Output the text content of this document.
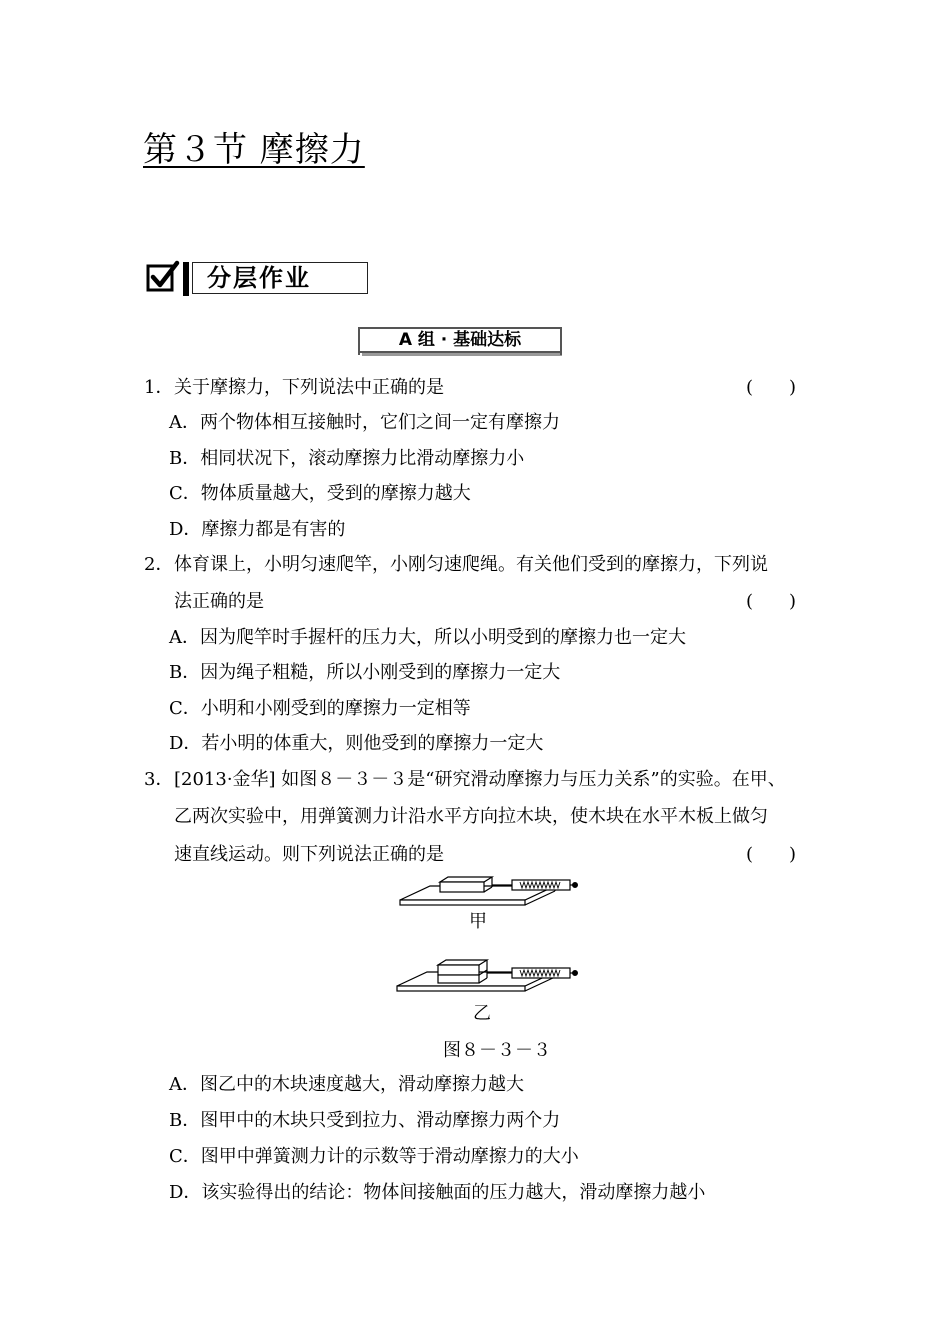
第３节 摩擦力
分层作业
A 组 · 基础达标
1． 关于摩擦力，下列说法中正确的是	(　　)
A．两个物体相互接触时，它们之间一定有摩擦力
B．相同状况下，滚动摩擦力比滑动摩擦力小
C．物体质量越大，受到的摩擦力越大
D．摩擦力都是有害的
2． 体育课上，小明匀速爬竿，小刚匀速爬绳。有关他们受到的摩擦力，下列说
法正确的是	(　　)
A．因为爬竿时手握杆的压力大，所以小明受到的摩擦力也一定大
B．因为绳子粗糙，所以小刚受到的摩擦力一定大
C．小明和小刚受到的摩擦力一定相等
D．若小明的体重大，则他受到的摩擦力一定大
3． [2013·金华] 如图８－３－３是“研究滑动摩擦力与压力关系”的实验。在甲、
乙两次实验中，用弹簧测力计沿水平方向拉木块，使木块在水平木板上做匀
速直线运动。则下列说法正确的是	(　　)
甲
乙
图８－３－３
A．图乙中的木块速度越大，滑动摩擦力越大
B．图甲中的木块只受到拉力、滑动摩擦力两个力
C．图甲中弹簧测力计的示数等于滑动摩擦力的大小
D．该实验得出的结论：物体间接触面的压力越大，滑动摩擦力越小
